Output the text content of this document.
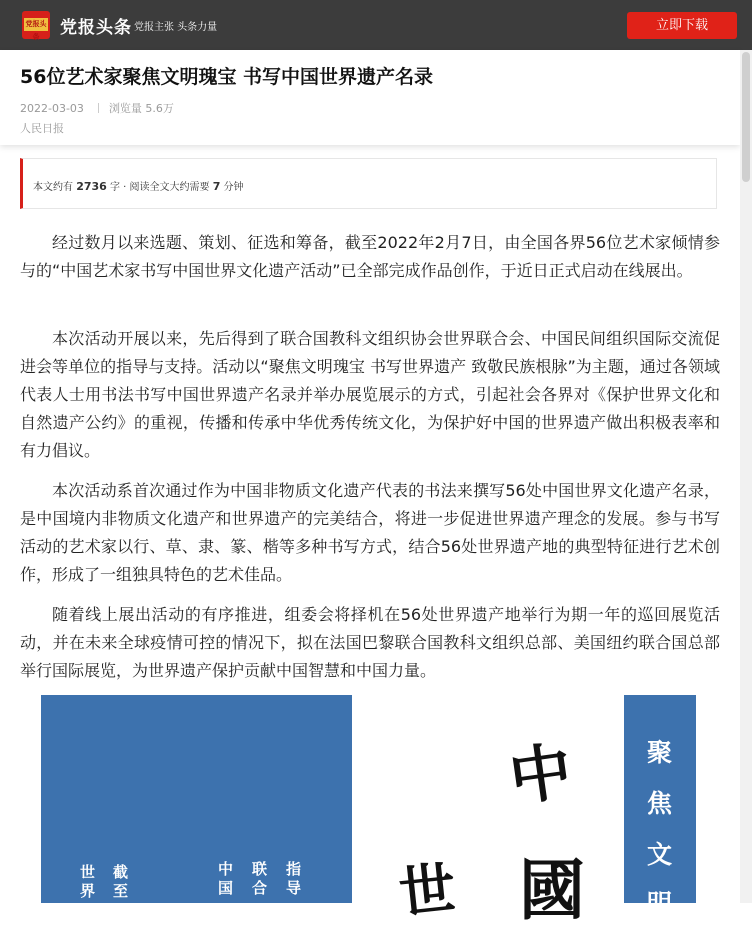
党报头条	党报头条 党报主张 头条力量	立即下载
56位艺术家聚焦文明瑰宝 书写中国世界遗产名录
2022-03-03 浏览量 5.6万
人民日报
本文约有 2736 字 · 阅读全文大约需要 7 分钟

经过数月以来选题、策划、征选和筹备，截至2022年2月7日，由全国各界56位艺术家倾情参与的“中国艺术家书写中国世界文化遗产活动”已全部完成作品创作，于近日正式启动在线展出。

本次活动开展以来，先后得到了联合国教科文组织协会世界联合会、中国民间组织国际交流促进会等单位的指导与支持。活动以“聚焦文明瑰宝 书写世界遗产 致敬民族根脉”为主题，通过各领域代表人士用书法书写中国世界遗产名录并举办展览展示的方式，引起社会各界对《保护世界文化和自然遗产公约》的重视，传播和传承中华优秀传统文化，为保护好中国的世界遗产做出积极表率和有力倡议。

本次活动系首次通过作为中国非物质文化遗产代表的书法来撰写56处中国世界文化遗产名录，是中国境内非物质文化遗产和世界遗产的完美结合，将进一步促进世界遗产理念的发展。参与书写活动的艺术家以行、草、隶、篆、楷等多种书写方式，结合56处世界遗产地的典型特征进行艺术创作，形成了一组独具特色的艺术佳品。

随着线上展出活动的有序推进，组委会将择机在56处世界遗产地举行为期一年的巡回展览活动，并在未来全球疫情可控的情况下，拟在法国巴黎联合国教科文组织总部、美国纽约联合国总部举行国际展览，为世界遗产保护贡献中国智慧和中国力量。

世界
截至
中国
联合
指导
中
國
世
聚
焦
文
明
